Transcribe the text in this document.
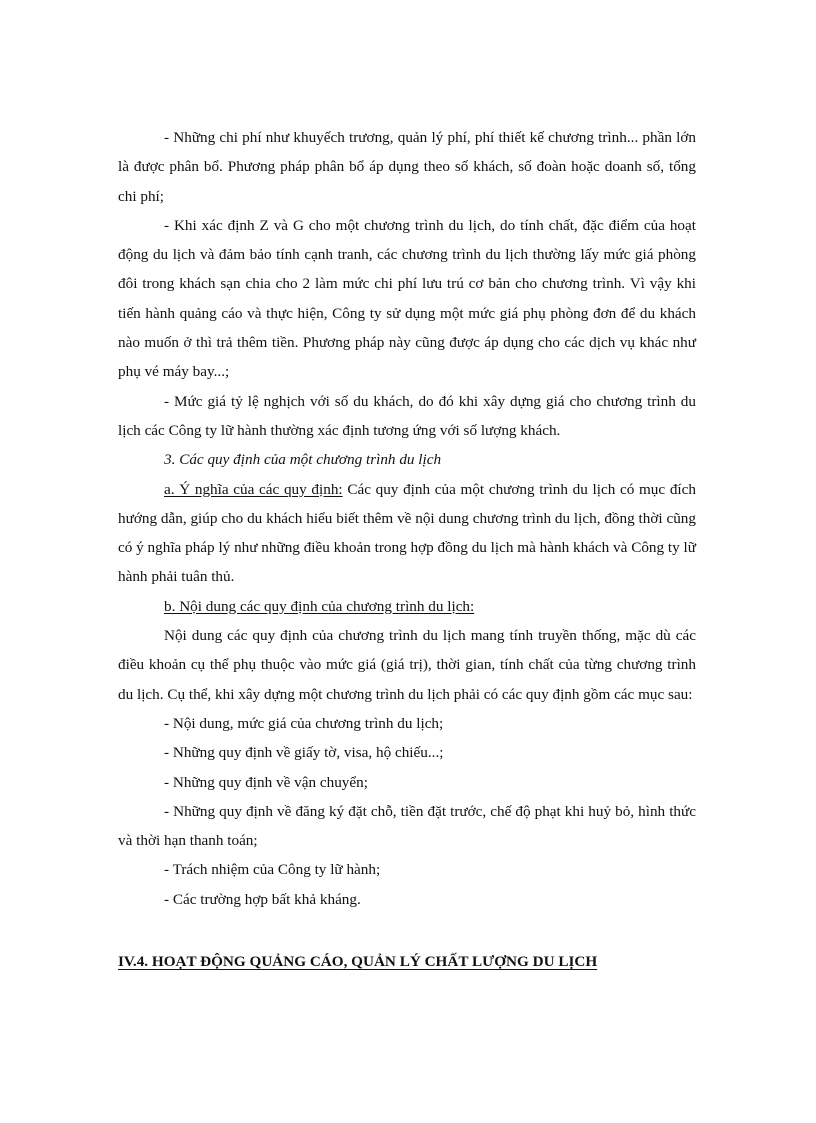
- Những chi phí như khuyếch trương, quản lý phí, phí thiết kế chương trình... phần lớn là được phân bổ. Phương pháp phân bổ áp dụng theo số khách, số đoàn hoặc doanh số, tổng chi phí;

- Khi xác định Z và G cho một chương trình du lịch, do tính chất, đặc điểm của hoạt động du lịch và đảm bảo tính cạnh tranh, các chương trình du lịch thường lấy mức giá phòng đôi trong khách sạn chia cho 2 làm mức chi phí lưu trú cơ bản cho chương trình. Vì vậy khi tiến hành quảng cáo và thực hiện, Công ty sử dụng một mức giá phụ phòng đơn để du khách nào muốn ở thì trả thêm tiền. Phương pháp này cũng được áp dụng cho các dịch vụ khác như phụ vé máy bay...;

- Mức giá tỷ lệ nghịch với số du khách, do đó khi xây dựng giá cho chương trình du lịch các Công ty lữ hành thường xác định tương ứng với số lượng khách.

3. Các quy định của một chương trình du lịch

a. Ý nghĩa của các quy định: Các quy định của một chương trình du lịch có mục đích hướng dẫn, giúp cho du khách hiểu biết thêm về nội dung chương trình du lịch, đồng thời cũng có ý nghĩa pháp lý như những điều khoản trong hợp đồng du lịch mà hành khách và Công ty lữ hành phải tuân thủ.

b. Nội dung các quy định của chương trình du lịch:

Nội dung các quy định của chương trình du lịch mang tính truyền thống, mặc dù các điều khoản cụ thể phụ thuộc vào mức giá (giá trị), thời gian, tính chất của từng chương trình du lịch. Cụ thể, khi xây dựng một chương trình du lịch phải có các quy định gồm các mục sau:

- Nội dung, mức giá của chương trình du lịch;

- Những quy định về giấy tờ, visa, hộ chiếu...;

- Những quy định về vận chuyển;

- Những quy định về đăng ký đặt chỗ, tiền đặt trước, chế độ phạt khi huỷ bỏ, hình thức và thời hạn thanh toán;

- Trách nhiệm của Công ty lữ hành;

- Các trường hợp bất khả kháng.

IV.4. HOẠT ĐỘNG QUẢNG CÁO, QUẢN LÝ CHẤT LƯỢNG DU LỊCH
